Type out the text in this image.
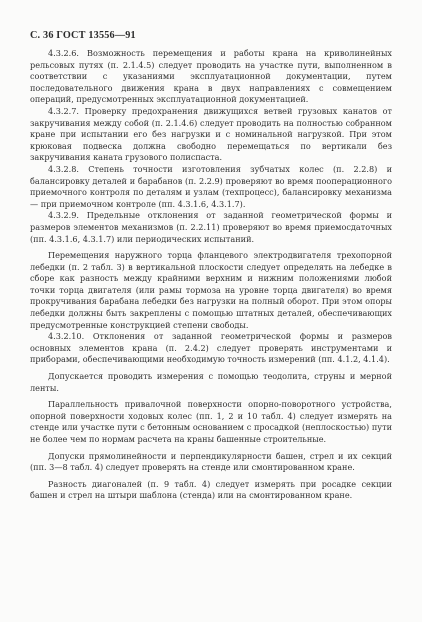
С. 36 ГОСТ 13556—91

4.3.2.6. Возможность перемещения и работы крана на криволинейных рельсовых путях (п. 2.1.4.5) следует проводить на участке пути, выполненном в соответствии с указаниями эксплуатационной документации, путем последовательного движения крана в двух направлениях с совмещением операций, предусмотренных эксплуатационной документацией.

4.3.2.7. Проверку предохранения движущихся ветвей грузовых канатов от закручивания между собой (п. 2.1.4.6) следует проводить на полностью собранном кране при испытании его без нагрузки и с номинальной нагрузкой. При этом крюковая подвеска должна свободно перемещаться по вертикали без закручивания каната грузового полиспаста.

4.3.2.8. Степень точности изготовления зубчатых колес (п. 2.2.8) и балансировку деталей и барабанов (п. 2.2.9) проверяют во время пооперационного приемочного контроля по деталям и узлам (техпроцесс), балансировку механизма — при приемочном контроле (пп. 4.3.1.6, 4.3.1.7).

4.3.2.9. Предельные отклонения от заданной геометрической формы и размеров элементов механизмов (п. 2.2.11) проверяют во время приемосдаточных (пп. 4.3.1.6, 4.3.1.7) или периодических испытаний.

Перемещения наружного торца фланцевого электродвигателя трехопорной лебедки (п. 2 табл. 3) в вертикальной плоскости следует определять на лебедке в сборе как разность между крайними верхним и нижним положениями любой точки торца двигателя (или рамы тормоза на уровне торца двигателя) во время прокручивания барабана лебедки без нагрузки на полный оборот. При этом опоры лебедки должны быть закреплены с помощью штатных деталей, обеспечивающих предусмотренные конструкцией степени свободы.

4.3.2.10. Отклонения от заданной геометрической формы и размеров основных элементов крана (п. 2.4.2) следует проверять инструментами и приборами, обеспечивающими необходимую точность измерений (пп. 4.1.2, 4.1.4).

Допускается проводить измерения с помощью теодолита, струны и мерной ленты.

Параллельность привалочной поверхности опорно-поворотного устройства, опорной поверхности ходовых колес (пп. 1, 2 и 10 табл. 4) следует измерять на стенде или участке пути с бетонным основанием с просадкой (неплоскостью) пути не более чем по нормам расчета на краны башенные строительные.

Допуски прямолинейности и перпендикулярности башен, стрел и их секций (пп. 3—8 табл. 4) следует проверять на стенде или смонтированном кране.

Разность диагоналей (п. 9 табл. 4) следует измерять при росадке секции башен и стрел на штыри шаблона (стенда) или на смонтированном кране.
